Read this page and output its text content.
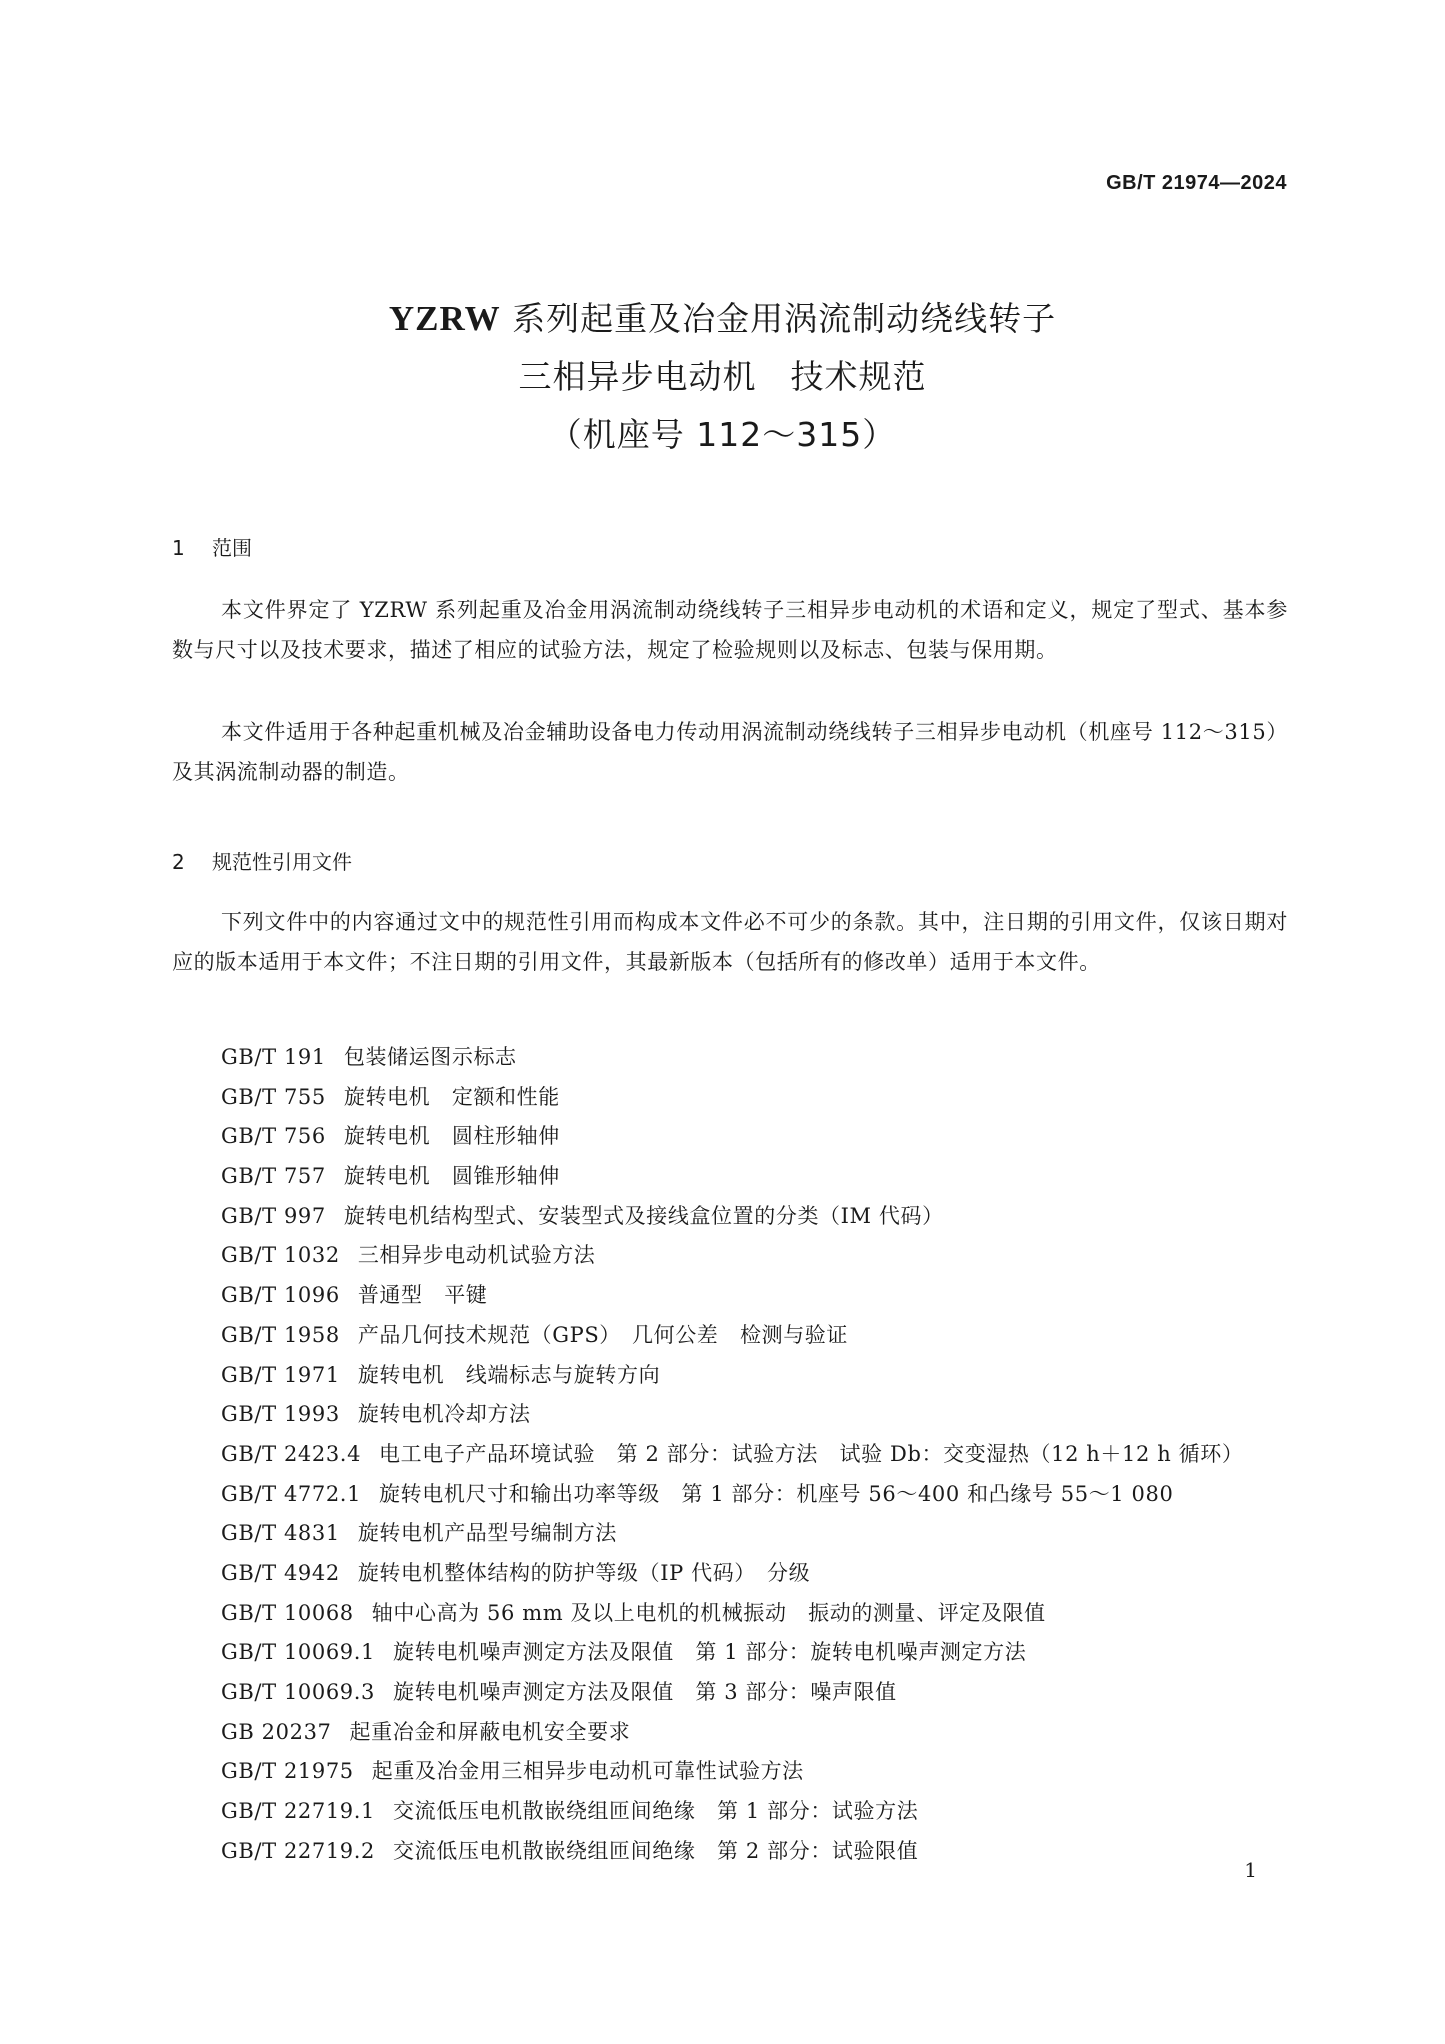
GB/T 21974—2024
YZRW 系列起重及冶金用涡流制动绕线转子
三相异步电动机　技术规范
（机座号 112～315）
1 范围

本文件界定了 YZRW 系列起重及冶金用涡流制动绕线转子三相异步电动机的术语和定义，规定了型式、基本参数与尺寸以及技术要求，描述了相应的试验方法，规定了检验规则以及标志、包装与保用期。

本文件适用于各种起重机械及冶金辅助设备电力传动用涡流制动绕线转子三相异步电动机（机座号 112～315）及其涡流制动器的制造。

2 规范性引用文件

下列文件中的内容通过文中的规范性引用而构成本文件必不可少的条款。其中，注日期的引用文件，仅该日期对应的版本适用于本文件；不注日期的引用文件，其最新版本（包括所有的修改单）适用于本文件。

GB/T 191 包装储运图示标志
GB/T 755 旋转电机　定额和性能
GB/T 756 旋转电机　圆柱形轴伸
GB/T 757 旋转电机　圆锥形轴伸
GB/T 997 旋转电机结构型式、安装型式及接线盒位置的分类（IM 代码）
GB/T 1032 三相异步电动机试验方法
GB/T 1096 普通型　平键
GB/T 1958 产品几何技术规范（GPS）　几何公差　检测与验证
GB/T 1971 旋转电机　线端标志与旋转方向
GB/T 1993 旋转电机冷却方法
GB/T 2423.4 电工电子产品环境试验　第 2 部分：试验方法　试验 Db：交变湿热（12 h＋12 h 循环）
GB/T 4772.1 旋转电机尺寸和输出功率等级　第 1 部分：机座号 56～400 和凸缘号 55～1 080
GB/T 4831 旋转电机产品型号编制方法
GB/T 4942 旋转电机整体结构的防护等级（IP 代码）　分级
GB/T 10068 轴中心高为 56 mm 及以上电机的机械振动　振动的测量、评定及限值
GB/T 10069.1 旋转电机噪声测定方法及限值　第 1 部分：旋转电机噪声测定方法
GB/T 10069.3 旋转电机噪声测定方法及限值　第 3 部分：噪声限值
GB 20237 起重冶金和屏蔽电机安全要求
GB/T 21975 起重及冶金用三相异步电动机可靠性试验方法
GB/T 22719.1 交流低压电机散嵌绕组匝间绝缘　第 1 部分：试验方法
GB/T 22719.2 交流低压电机散嵌绕组匝间绝缘　第 2 部分：试验限值
1
